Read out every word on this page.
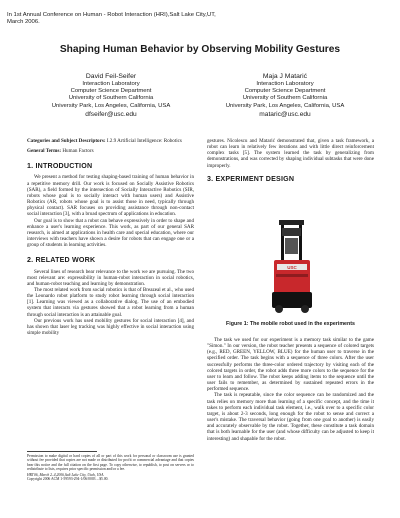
In 1st Annual Conference on Human - Robot Interaction (HRI),Salt Lake City,UT,
March 2006.
Shaping Human Behavior by Observing Mobility Gestures
David Feil-Seifer
Interaction Laboratory
Computer Science Department
University of Southern California
University Park, Los Angeles, California, USA
dfseifer@usc.edu
Maja J Matarić
Interaction Laboratory
Computer Science Department
University of Southern California
University Park, Los Angeles, California, USA
mataric@usc.edu

Categories and Subject Descriptors: I.2.9 Artificial Intelligence: Robotics

General Terms: Human Factors

1. INTRODUCTION

We present a method for testing shaping-based training of human behavior in a repetitive memory drill. Our work is focused on Socially Assistive Robotics (SAR), a field formed by the intersection of Socially Interactive Robotics (SIR, robots whose goal is to socially interact with human users) and Assistive Robotics (AR, robots whose goal is to assist those in need, typically through physical contact). SAR focuses on providing assistance through non-contact social interaction [3], with a broad spectrum of applications in education.

Our goal is to show that a robot can behave expressively in order to shape and enhance a user's learning experience. This work, as part of our general SAR research, is aimed at applications in health care and special education, where our interviews with teachers have shown a desire for robots that can engage one or a group of students in learning activities.

2. RELATED WORK

Several lines of research bear relevance to the work we are pursuing. The two most relevant are: expressibility in human-robot interaction in social robotics, and human-robot teaching and learning by demonstration.

The most related work from social robotics is that of Breazeal et al., who used the Leonardo robot platform to study robot learning through social interaction [1]. Learning was viewed as a collaborative dialog. The use of an embodied system that interacts via gestures showed that a robot learning from a human through social interaction is an attainable goal.

Our previous work has used mobility gestures for social interaction [4], and has shown that laser leg tracking was highly effective in social interaction using simple mobility

Permission to make digital or hard copies of all or part of this work for personal or classroom use is granted without fee provided that copies are not made or distributed for profit or commercial advantage and that copies bear this notice and the full citation on the first page. To copy otherwise, to republish, to post on servers or to redistribute to lists, requires prior specific permission and/or a fee.

HRI'06, March 2–4,2006,Salt Lake City, Utah, USA.

Copyright 2006 ACM 1-59593-294-1/06/0003 ...$5.00.

gestures. Nicolescu and Matarić demonstrated that, given a task framework, a robot can learn in relatively few iterations and with little direct reinforcement complex tasks [5]. The system learned the task by generalizing from demonstrations, and was corrected by shaping individual subtasks that were done improperly.

3. EXPERIMENT DESIGN
USC
Figure 1: The mobile robot used in the experiments

The task we used for our experiment is a memory task similar to the game "Simon." In our version, the robot teacher presents a sequence of colored targets (e.g., RED, GREEN, YELLOW, BLUE) for the human user to traverse in the specified order. The task begins with a sequence of three colors. After the user successfully performs the three-color ordered trajectory by visiting each of the colored targets in order, the robot adds three more colors to the sequence for the user to learn and follow. The robot keeps adding items to the sequence until the user fails to remember, as determined by sustained repeated errors in the performed sequence.

The task is repeatable, since the color sequence can be randomized and the task relies on memory more than learning of a specific concept, and the time it takes to perform each individual task element, i.e., walk over to a specific color target, is about 2-3 seconds, long enough for the robot to sense and correct a user's mistake. The traversal behavior (going from one goal to another) is easily and accurately observable by the robot. Together, these constitute a task domain that is both learnable for the user (and whose difficulty can be adjusted to keep it interesting) and shapable for the robot.
